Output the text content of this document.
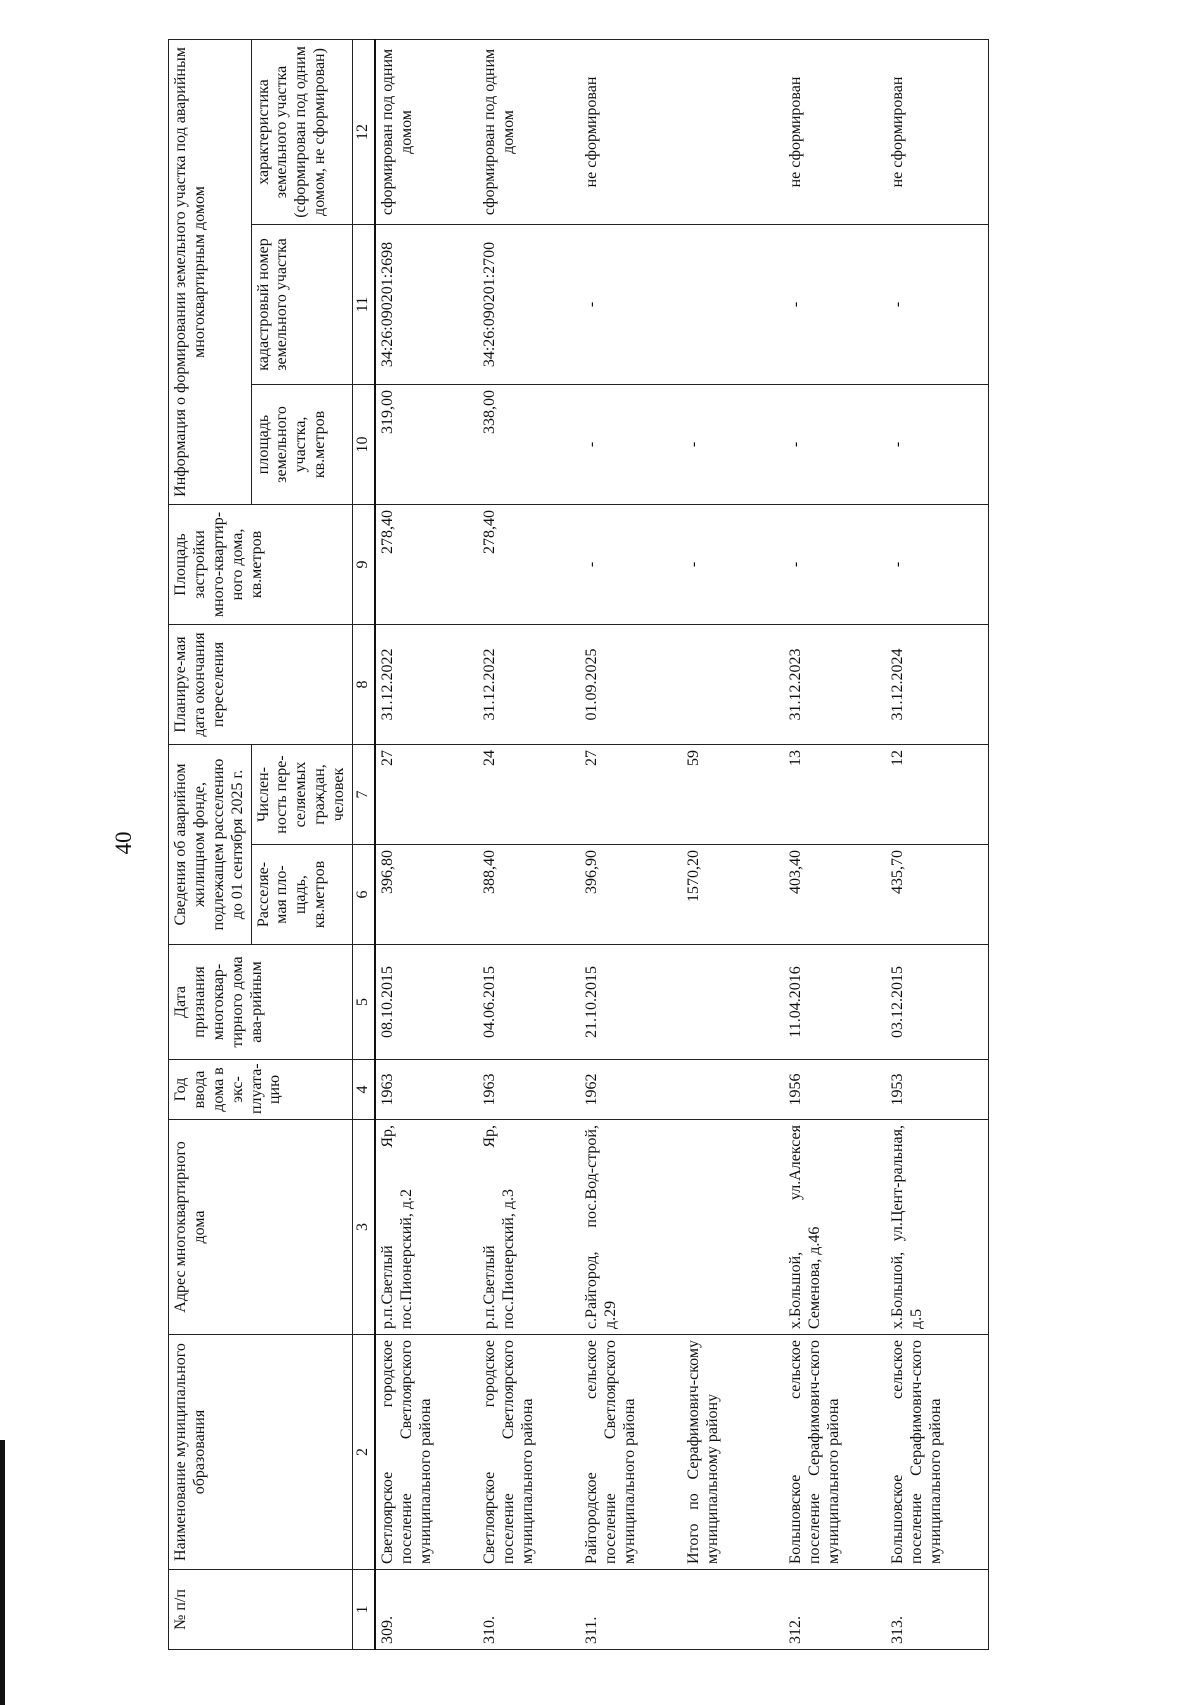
40
№ п/п	Наименование муниципального образования	Адрес многоквартирного дома	Год ввода дома в экс-плуата-цию	Дата признания многоквар-тирного дома ава-рийным	Сведения об аварийном жилищном фонде, подлежащем расселению до 01 сентября 2025 г.		Планируе-мая дата окончания переселения	Площадь застройки много-квартир-ного дома, кв.метров	Информация о формировании земельного участка под аварийным многоквартирным домом		
					Расселяе-мая пло-щадь, кв.метров	Числен-ность пере-селяемых граждан, человек			площадь земельного участка, кв.метров	кадастровый номер земельного участка	характеристика земельного участка (сформирован под одним домом, не сформирован)
1	2	3	4	5	6	7	8	9	10	11	12
309.	Светлоярское городское поселение Светлоярского муниципального района	р.п.Светлый Яр, пос.Пионерский, д.2	1963	08.10.2015	396,80	27	31.12.2022	278,40	319,00	34:26:090201:2698	сформирован под одним домом
310.	Светлоярское городское поселение Светлоярского муниципального района	р.п.Светлый Яр, пос.Пионерский, д.3	1963	04.06.2015	388,40	24	31.12.2022	278,40	338,00	34:26:090201:2700	сформирован под одним домом
311.	Райгородское сельское поселение Светлоярского муниципального района	с.Райгород, пос.Вод-строй, д.29	1962	21.10.2015	396,90	27	01.09.2025	-	-	-	не сформирован
	Итого по Серафимович-скому муниципальному району				1570,20	59		-	-		
312.	Большовское сельское поселение Серафимович-ского муниципального района	х.Большой, ул.Алексея Семенова, д.46	1956	11.04.2016	403,40	13	31.12.2023	-	-	-	не сформирован
313.	Большовское сельское поселение Серафимович-ского муниципального района	х.Большой, ул.Цент-ральная, д.5	1953	03.12.2015	435,70	12	31.12.2024	-	-	-	не сформирован
